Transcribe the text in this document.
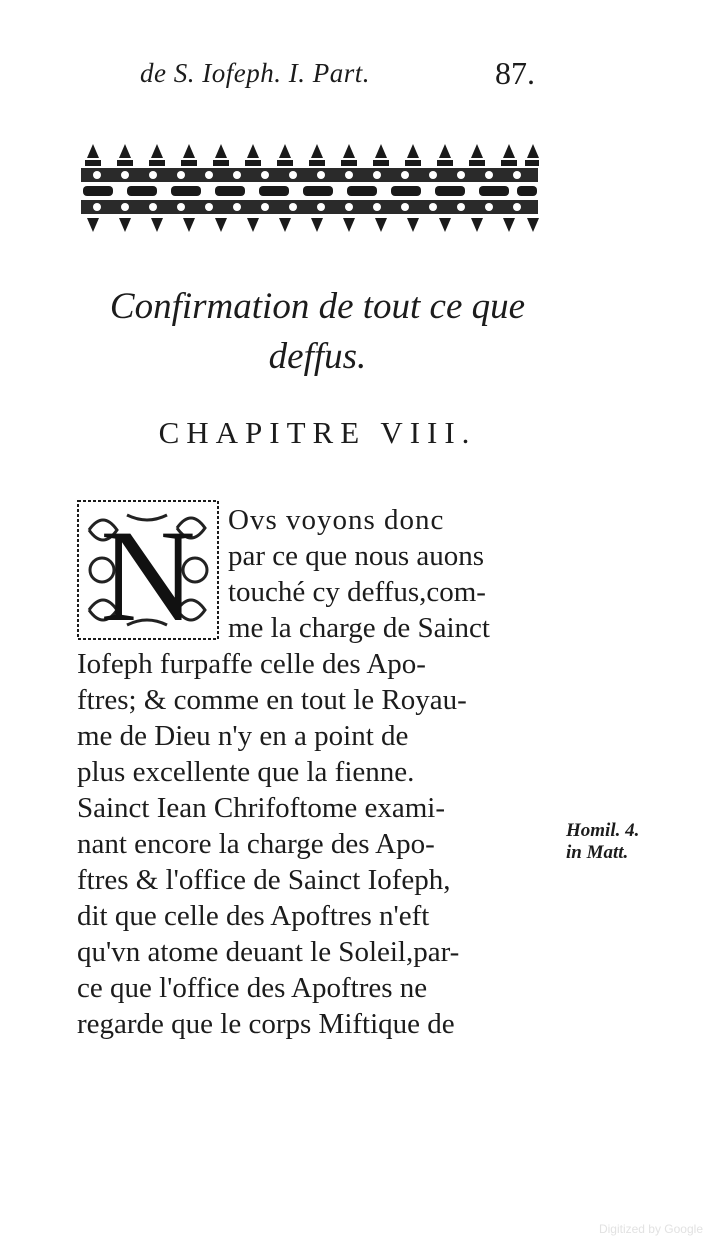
de S. Iofeph. I. Part.	87.
Confirmation de tout ce que
deffus.
CHAPITRE VIII.
N Ovs voyons donc
par ce que nous auons
touché cy deffus,com-
me la charge de Sainct
Iofeph furpaffe celle des Apo-
ftres; & comme en tout le Royau-
me de Dieu n'y en a point de
plus excellente que la fienne.
Sainct Iean Chrifoftome exami-
nant encore la charge des Apo-
ftres & l'office de Sainct Iofeph,
dit que celle des Apoftres n'eft
qu'vn atome deuant le Soleil,par-
ce que l'office des Apoftres ne
regarde que le corps Miftique de
Homil. 4.
in Matt.
Digitized by Google
